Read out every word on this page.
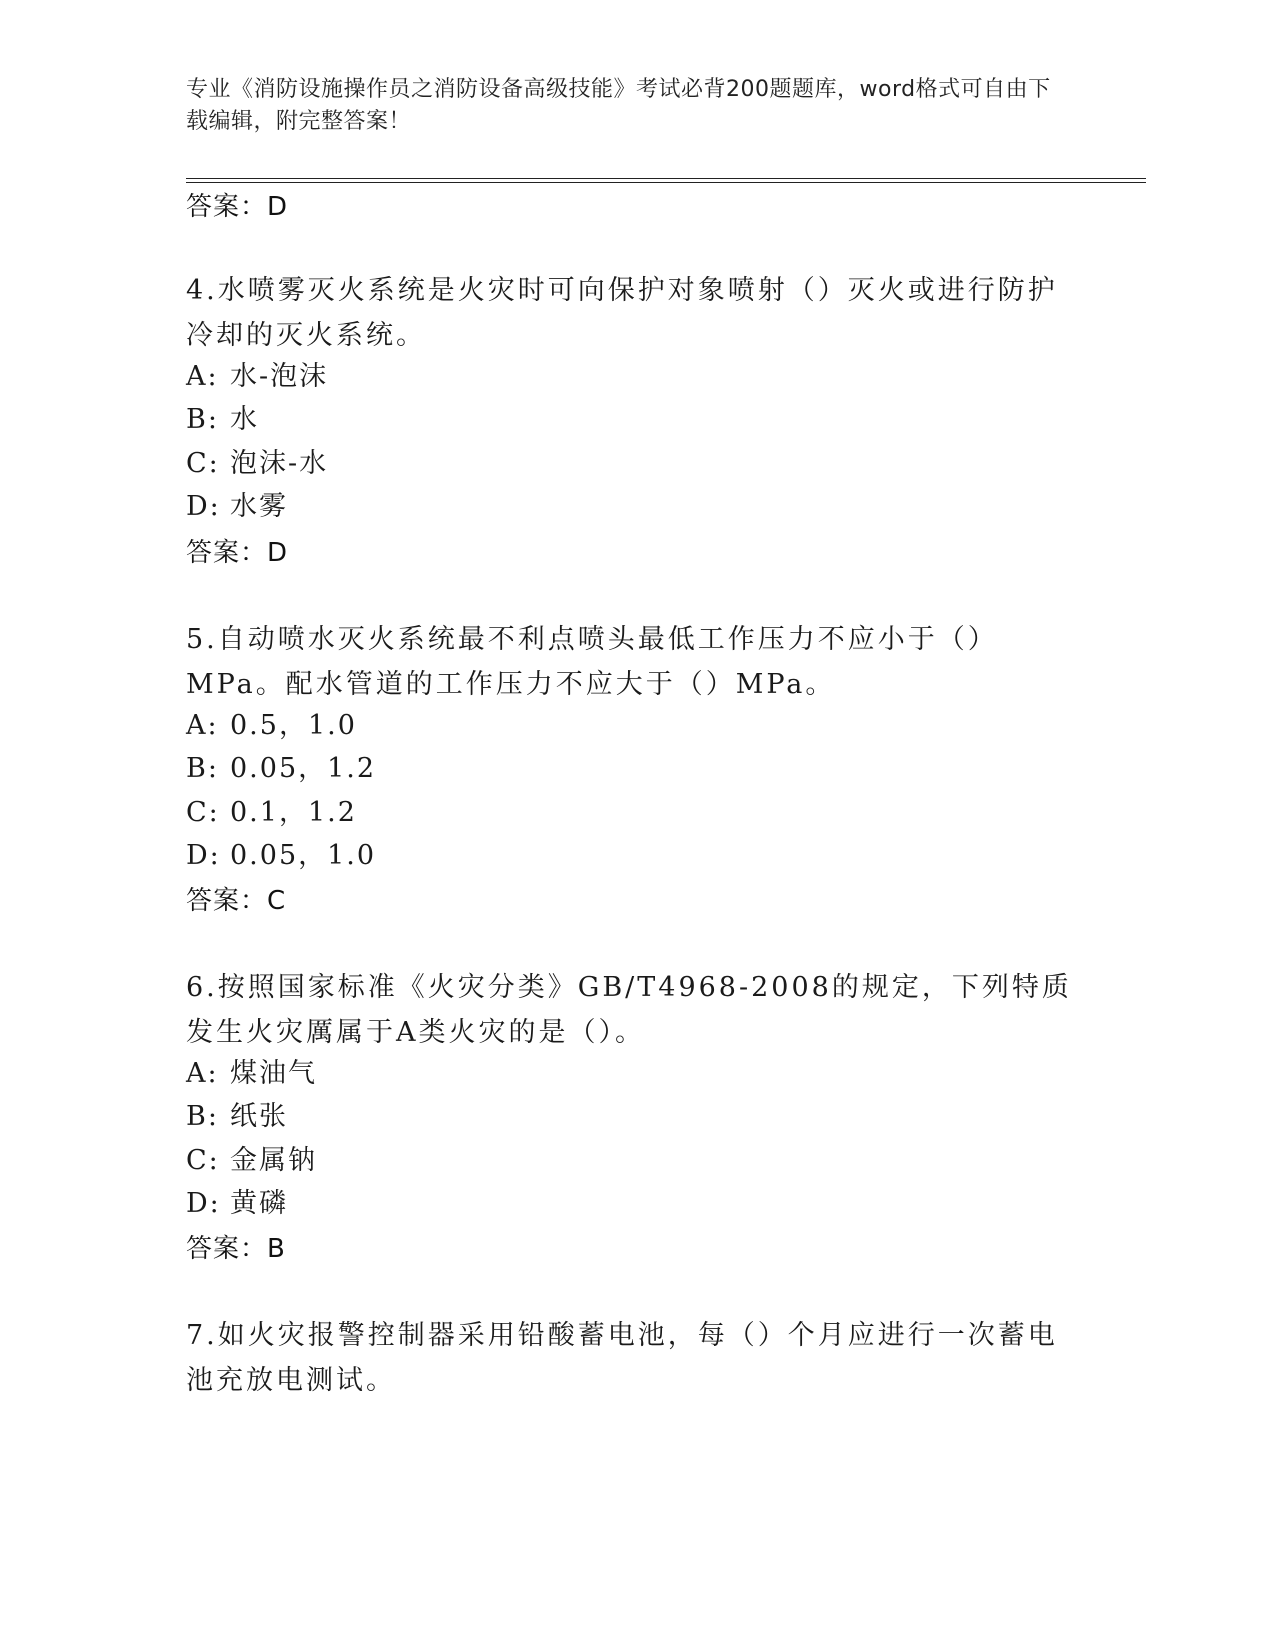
专业《消防设施操作员之消防设备高级技能》考试必背200题题库，word格式可自由下载编辑，附完整答案！
答案：D
4.水喷雾灭火系统是火灾时可向保护对象喷射（）灭火或进行防护冷却的灭火系统。
A: 水-泡沫
B: 水
C: 泡沫-水
D: 水雾
答案：D
5.自动喷水灭火系统最不利点喷头最低工作压力不应小于（）MPa。配水管道的工作压力不应大于（）MPa。
A: 0.5，1.0
B: 0.05，1.2
C: 0.1，1.2
D: 0.05，1.0
答案：C
6.按照国家标准《火灾分类》GB/T4968-2008的规定，下列特质发生火灾厲属于A类火灾的是（）。
A: 煤油气
B: 纸张
C: 金属钠
D: 黄磷
答案：B
7.如火灾报警控制器采用铅酸蓄电池，每（）个月应进行一次蓄电池充放电测试。
